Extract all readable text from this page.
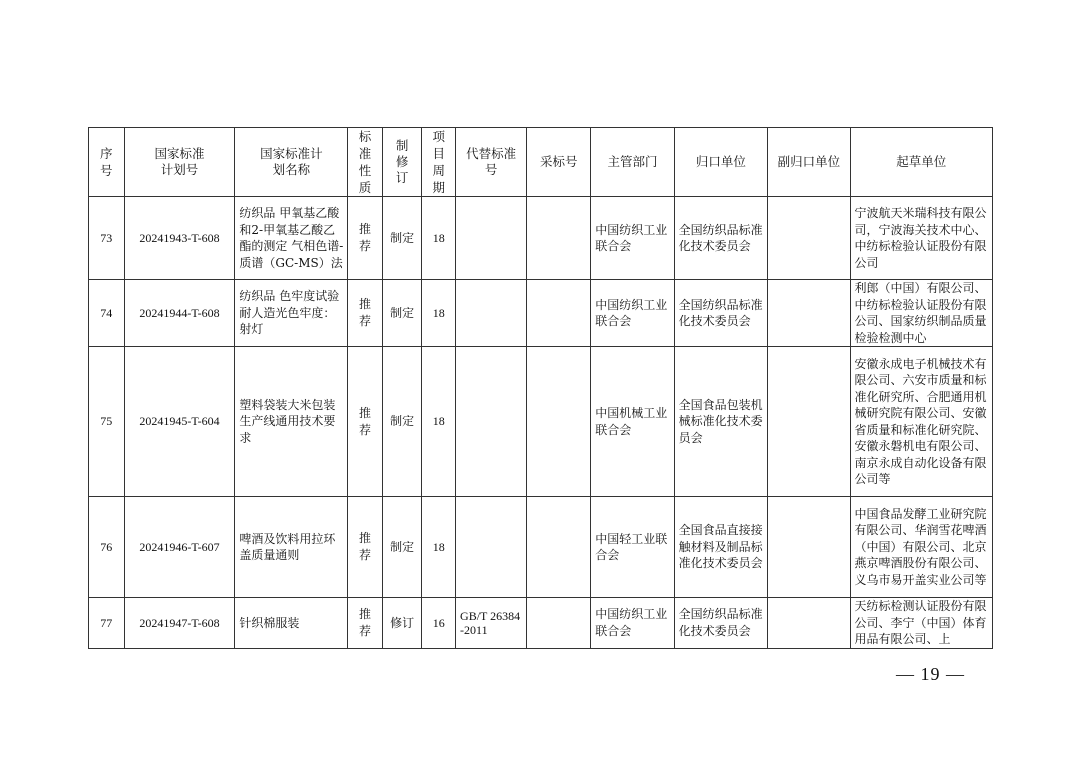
序号	国家标准计划号	国家标准计划名称	标准性质	制修订	项目周期	代替标准号	采标号	主管部门	归口单位	副归口单位	起草单位

73	20241943-T-608	纺织品 甲氧基乙酸和2-甲氧基乙酸乙酯的测定 气相色谱-质谱（GC-MS）法	推荐	制定	18			中国纺织工业联合会	全国纺织品标准化技术委员会		宁波航天米瑞科技有限公司，宁波海关技术中心、中纺标检验认证股份有限公司

74	20241944-T-608	纺织品 色牢度试验 耐人造光色牢度：射灯	推荐	制定	18			中国纺织工业联合会	全国纺织品标准化技术委员会		利郎（中国）有限公司、中纺标检验认证股份有限公司、国家纺织制品质量检验检测中心

75	20241945-T-604	塑料袋装大米包装生产线通用技术要求	推荐	制定	18			中国机械工业联合会	全国食品包装机械标准化技术委员会		安徽永成电子机械技术有限公司、六安市质量和标准化研究所、合肥通用机械研究院有限公司、安徽省质量和标准化研究院、安徽永磐机电有限公司、南京永成自动化设备有限公司等

76	20241946-T-607	啤酒及饮料用拉环盖质量通则	推荐	制定	18			中国轻工业联合会	全国食品直接接触材料及制品标准化技术委员会		中国食品发酵工业研究院有限公司、华润雪花啤酒（中国）有限公司、北京燕京啤酒股份有限公司、义乌市易开盖实业公司等

77	20241947-T-608	针织棉服装	推荐	修订	16	GB/T 26384-2011		中国纺织工业联合会	全国纺织品标准化技术委员会		天纺标检测认证股份有限公司、李宁（中国）体育用品有限公司、上
— 19 —
